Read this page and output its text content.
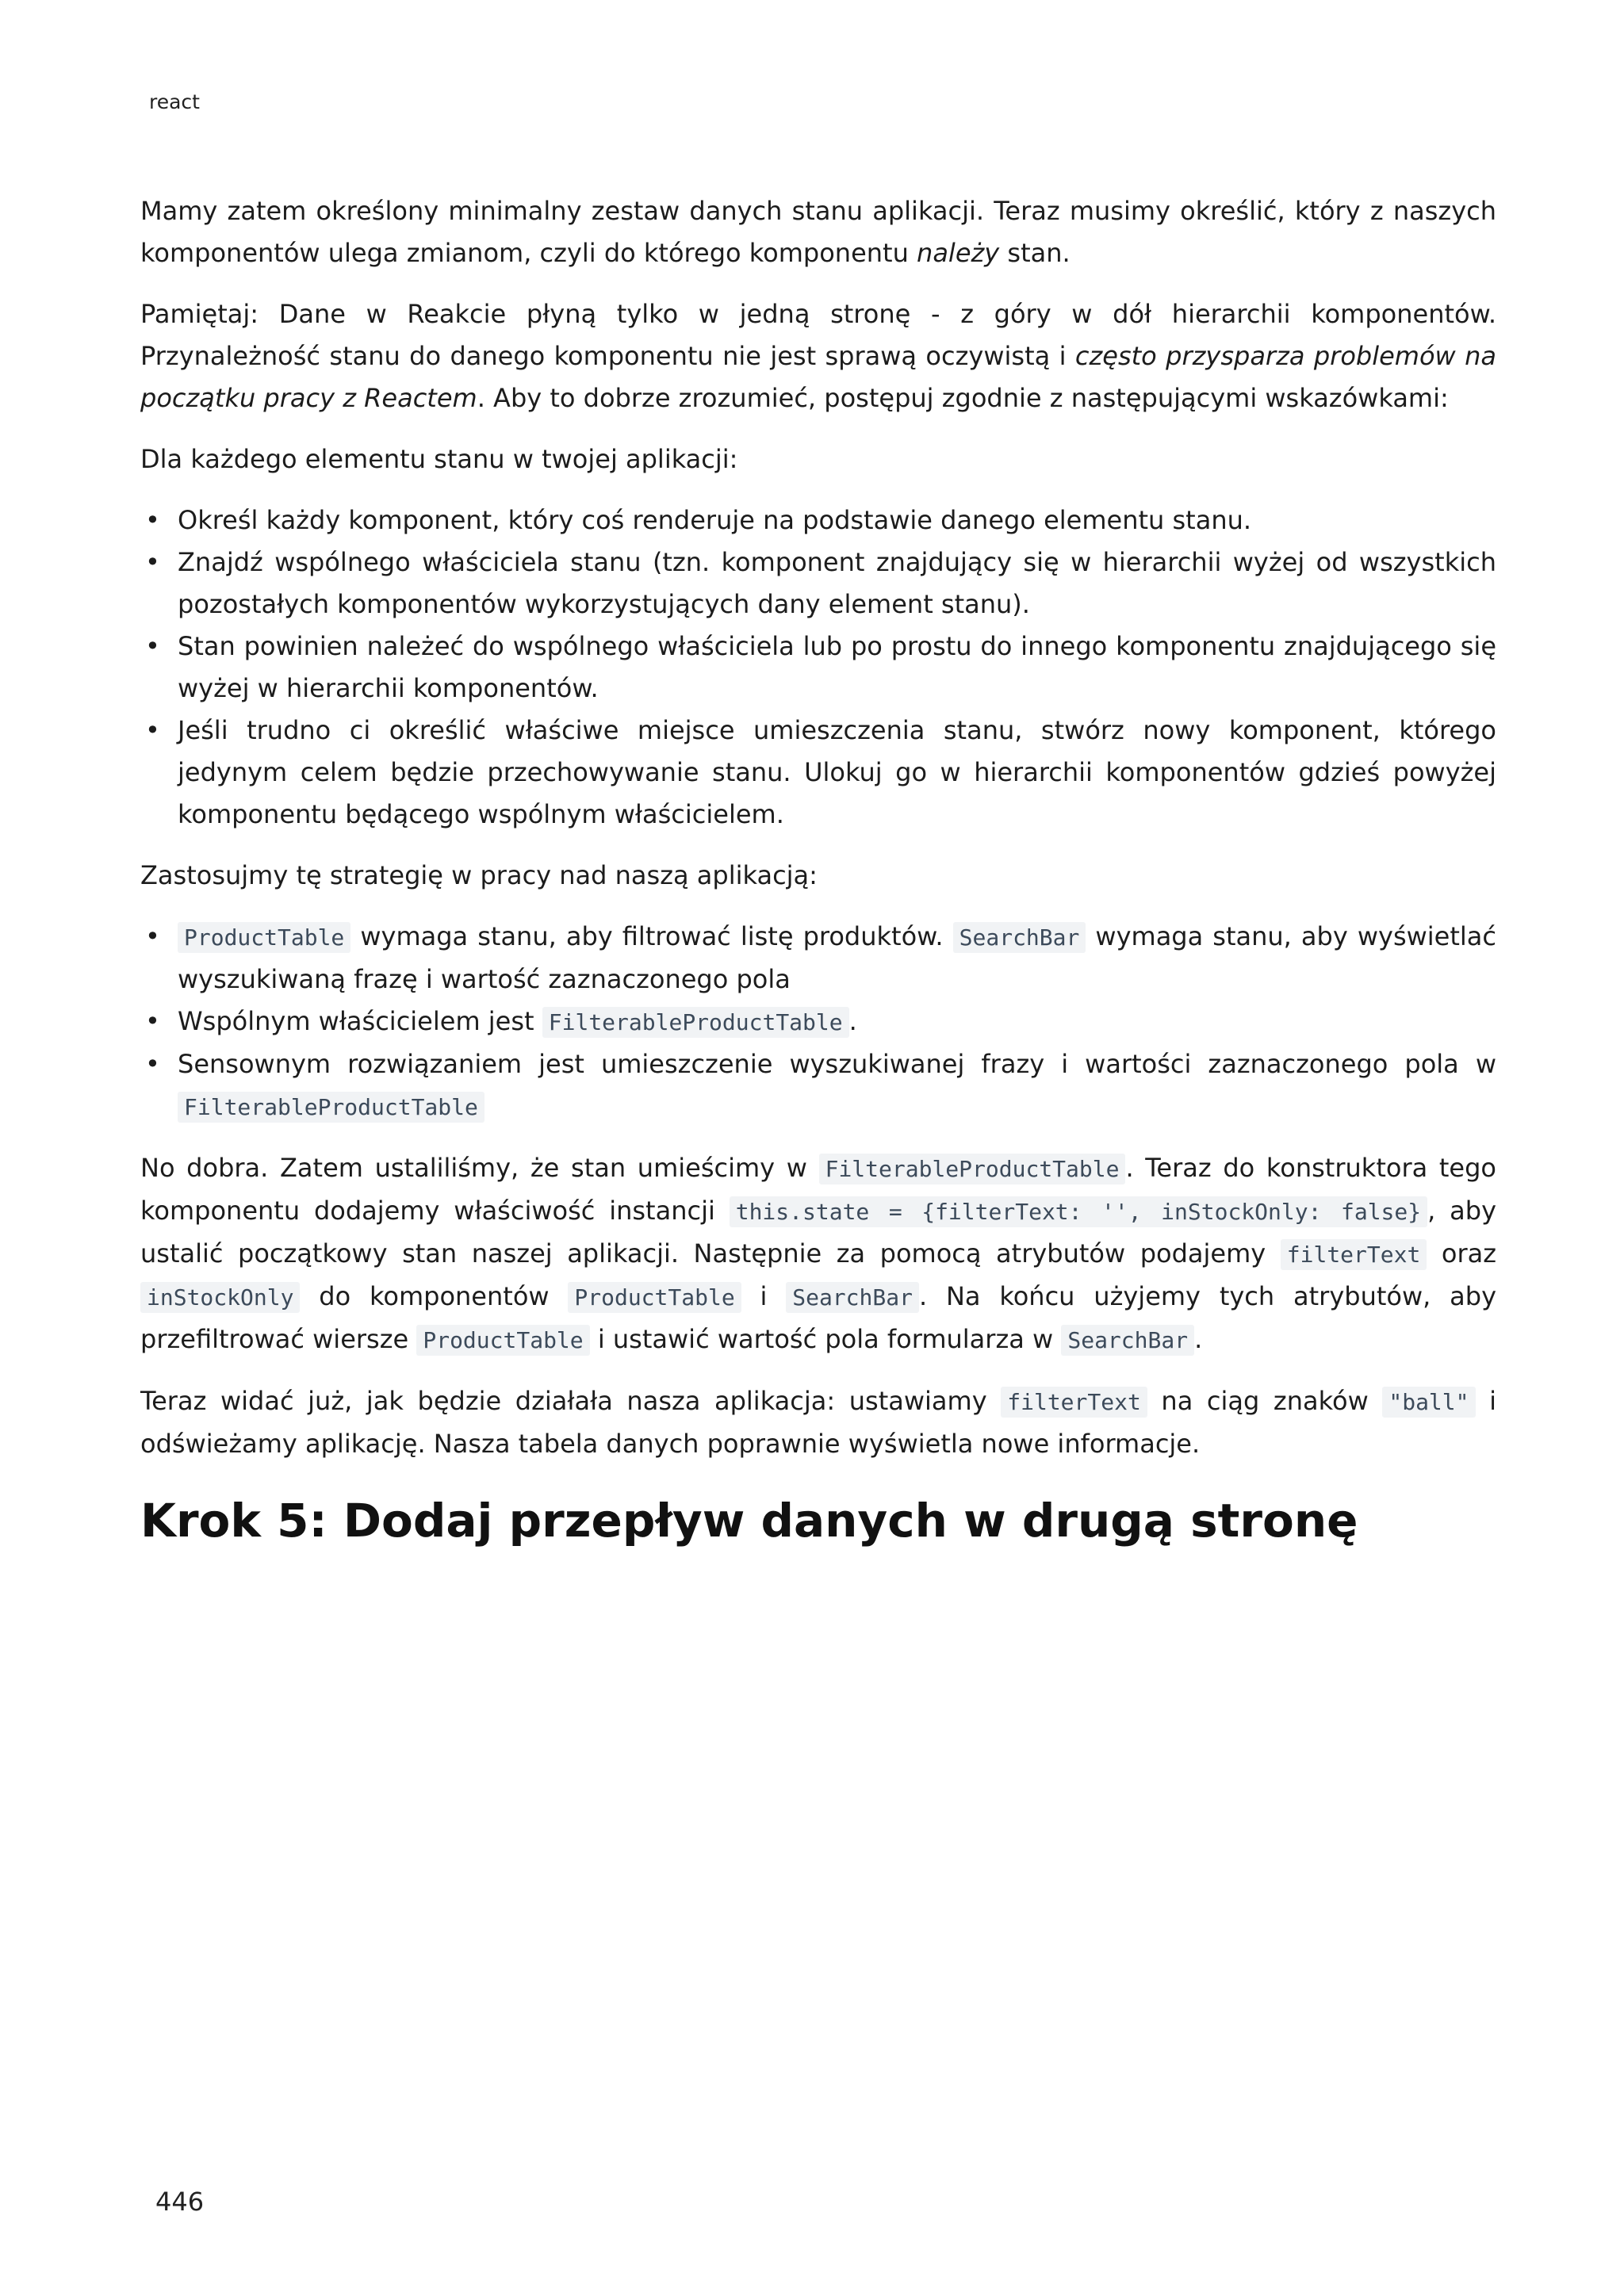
react

Mamy zatem określony minimalny zestaw danych stanu aplikacji. Teraz musimy określić, który z naszych komponentów ulega zmianom, czyli do którego komponentu należy stan.

Pamiętaj: Dane w Reakcie płyną tylko w jedną stronę - z góry w dół hierarchii komponentów. Przynależność stanu do danego komponentu nie jest sprawą oczywistą i często przysparza problemów na początku pracy z Reactem. Aby to dobrze zrozumieć, postępuj zgodnie z następującymi wskazówkami:

Dla każdego elementu stanu w twojej aplikacji:

• Określ każdy komponent, który coś renderuje na podstawie danego elementu stanu.
• Znajdź wspólnego właściciela stanu (tzn. komponent znajdujący się w hierarchii wyżej od wszystkich pozostałych komponentów wykorzystujących dany element stanu).
• Stan powinien należeć do wspólnego właściciela lub po prostu do innego komponentu znajdującego się wyżej w hierarchii komponentów.
• Jeśli trudno ci określić właściwe miejsce umieszczenia stanu, stwórz nowy komponent, którego jedynym celem będzie przechowywanie stanu. Ulokuj go w hierarchii komponentów gdzieś powyżej komponentu będącego wspólnym właścicielem.

Zastosujmy tę strategię w pracy nad naszą aplikacją:

• ProductTable wymaga stanu, aby filtrować listę produktów. SearchBar wymaga stanu, aby wyświetlać wyszukiwaną frazę i wartość zaznaczonego pola
• Wspólnym właścicielem jest FilterableProductTable .
• Sensownym rozwiązaniem jest umieszczenie wyszukiwanej frazy i wartości zaznaczonego pola w FilterableProductTable

No dobra. Zatem ustaliliśmy, że stan umieścimy w FilterableProductTable . Teraz do konstruktora tego komponentu dodajemy właściwość instancji this.state = {filterText: '', inStockOnly: false} , aby ustalić początkowy stan naszej aplikacji. Następnie za pomocą atrybutów podajemy filterText oraz inStockOnly do komponentów ProductTable i SearchBar . Na końcu użyjemy tych atrybutów, aby przefiltrować wiersze ProductTable i ustawić wartość pola formularza w SearchBar .

Teraz widać już, jak będzie działała nasza aplikacja: ustawiamy filterText na ciąg znaków "ball" i odświeżamy aplikację. Nasza tabela danych poprawnie wyświetla nowe informacje.

Krok 5: Dodaj przepływ danych w drugą stronę
446
